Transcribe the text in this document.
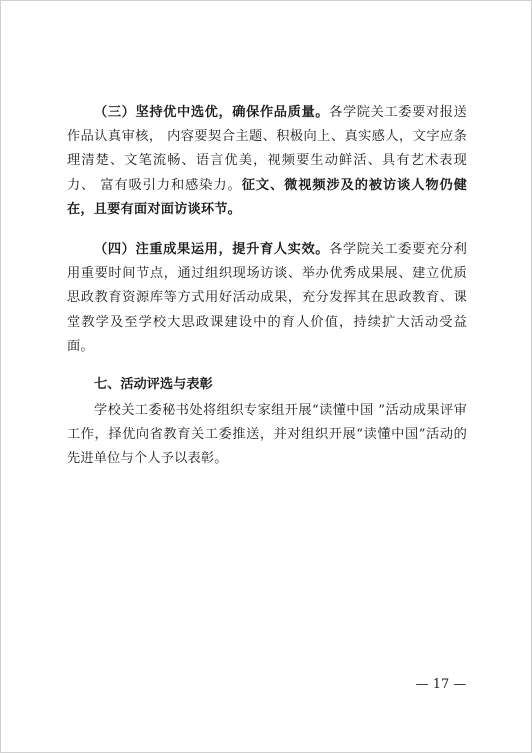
（三）坚持优中选优，确保作品质量。各学院关工委要对报送作品认真审核， 内容要契合主题、积极向上、真实感人，文字应条理清楚、文笔流畅、语言优美，视频要生动鲜活、具有艺术表现力、 富有吸引力和感染力。征文、微视频涉及的被访谈人物仍健在，且要有面对面访谈环节。

（四）注重成果运用，提升育人实效。各学院关工委要充分利用重要时间节点，通过组织现场访谈、举办优秀成果展、建立优质思政教育资源库等方式用好活动成果，充分发挥其在思政教育、课堂教学及至学校大思政课建设中的育人价值，持续扩大活动受益面。

七、活动评选与表彰

学校关工委秘书处将组织专家组开展“读懂中国 ”活动成果评审工作，择优向省教育关工委推送，并对组织开展“读懂中国”活动的先进单位与个人予以表彰。

— 17 —
